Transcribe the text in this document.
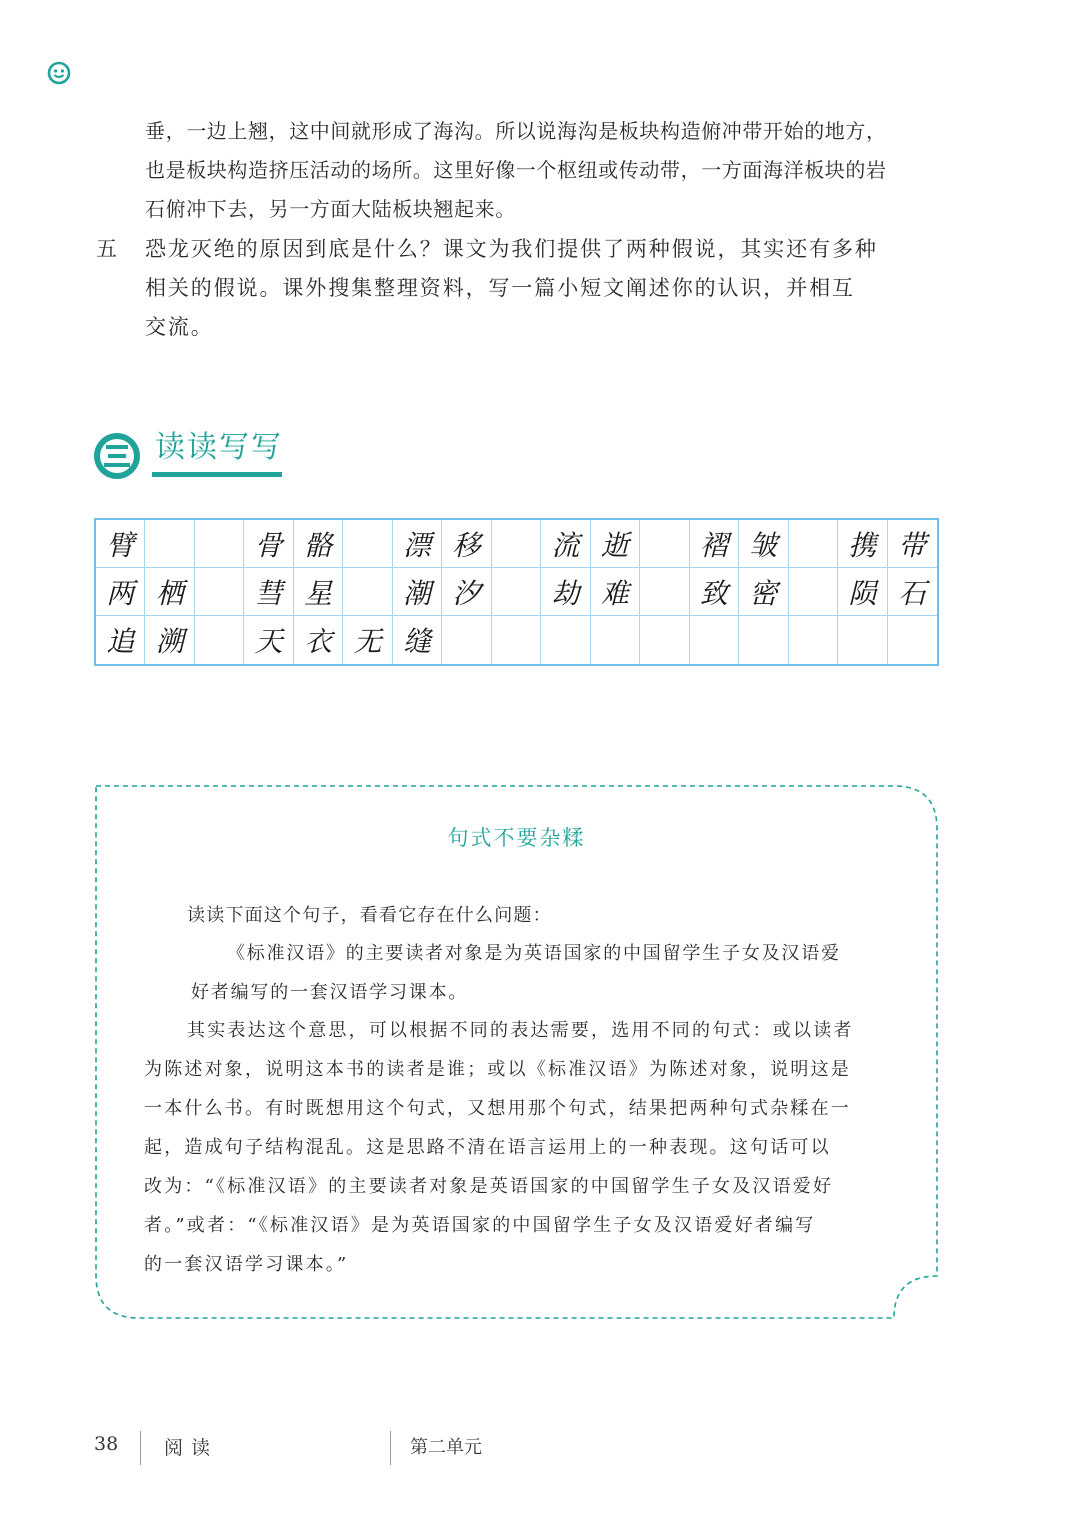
垂，一边上翘，这中间就形成了海沟。所以说海沟是板块构造俯冲带开始的地方，
也是板块构造挤压活动的场所。这里好像一个枢纽或传动带，一方面海洋板块的岩
石俯冲下去，另一方面大陆板块翘起来。
五 恐龙灭绝的原因到底是什么？课文为我们提供了两种假说，其实还有多种
相关的假说。课外搜集整理资料，写一篇小短文阐述你的认识，并相互
交流。
读读写写
臂	骨 骼	漂 移	流 逝	褶 皱	携 带
两 栖	彗 星	潮 汐	劫 难	致 密	陨 石
追 溯	天 衣 无 缝
句式不要杂糅
读读下面这个句子，看看它存在什么问题：
《标准汉语》的主要读者对象是为英语国家的中国留学生子女及汉语爱
好者编写的一套汉语学习课本。
其实表达这个意思，可以根据不同的表达需要，选用不同的句式：或以读者
为陈述对象，说明这本书的读者是谁；或以《标准汉语》为陈述对象，说明这是
一本什么书。有时既想用这个句式，又想用那个句式，结果把两种句式杂糅在一
起，造成句子结构混乱。这是思路不清在语言运用上的一种表现。这句话可以
改为：“《标准汉语》的主要读者对象是英语国家的中国留学生子女及汉语爱好
者。”或者：“《标准汉语》是为英语国家的中国留学生子女及汉语爱好者编写
的一套汉语学习课本。”
38 阅读	第二单元
